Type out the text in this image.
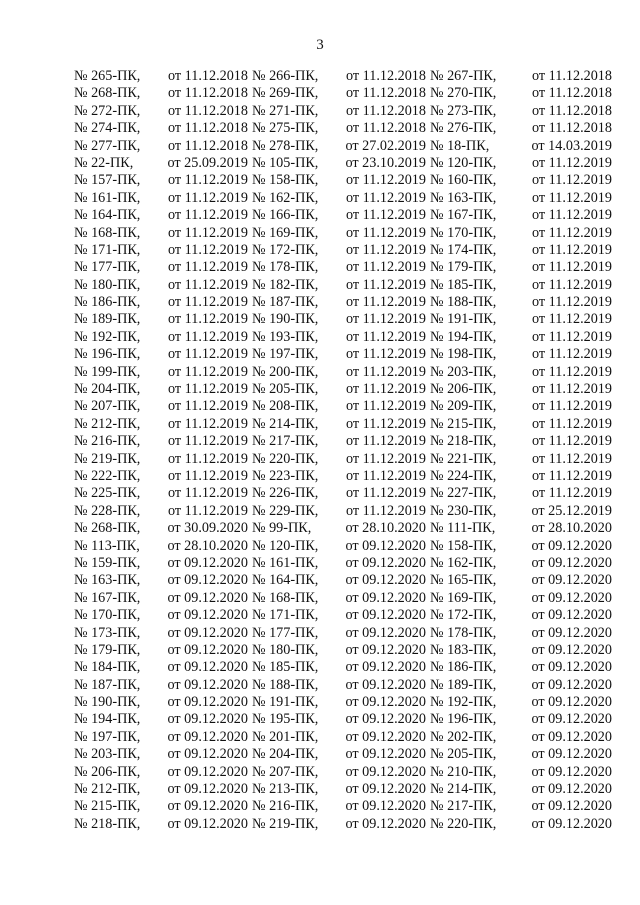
3
№ 265-ПК, от 11.12.2018 № 266-ПК, от 11.12.2018 № 267-ПК,	от 11.12.2018
№ 268-ПК, от 11.12.2018 № 269-ПК, от 11.12.2018 № 270-ПК,	от 11.12.2018
№ 272-ПК, от 11.12.2018 № 271-ПК, от 11.12.2018 № 273-ПК,	от 11.12.2018
№ 274-ПК, от 11.12.2018 № 275-ПК, от 11.12.2018 № 276-ПК,	от 11.12.2018
№ 277-ПК, от 11.12.2018 № 278-ПК, от 27.02.2019 № 18-ПК,	от 14.03.2019
№ 22-ПК, от 25.09.2019 № 105-ПК, от 23.10.2019 № 120-ПК,	от 11.12.2019
№ 157-ПК, от 11.12.2019 № 158-ПК, от 11.12.2019 № 160-ПК,	от 11.12.2019
№ 161-ПК, от 11.12.2019 № 162-ПК, от 11.12.2019 № 163-ПК,	от 11.12.2019
№ 164-ПК, от 11.12.2019 № 166-ПК, от 11.12.2019 № 167-ПК,	от 11.12.2019
№ 168-ПК, от 11.12.2019 № 169-ПК, от 11.12.2019 № 170-ПК,	от 11.12.2019
№ 171-ПК, от 11.12.2019 № 172-ПК, от 11.12.2019 № 174-ПК,	от 11.12.2019
№ 177-ПК, от 11.12.2019 № 178-ПК, от 11.12.2019 № 179-ПК,	от 11.12.2019
№ 180-ПК, от 11.12.2019 № 182-ПК, от 11.12.2019 № 185-ПК,	от 11.12.2019
№ 186-ПК, от 11.12.2019 № 187-ПК, от 11.12.2019 № 188-ПК,	от 11.12.2019
№ 189-ПК, от 11.12.2019 № 190-ПК, от 11.12.2019 № 191-ПК,	от 11.12.2019
№ 192-ПК, от 11.12.2019 № 193-ПК, от 11.12.2019 № 194-ПК,	от 11.12.2019
№ 196-ПК, от 11.12.2019 № 197-ПК, от 11.12.2019 № 198-ПК,	от 11.12.2019
№ 199-ПК, от 11.12.2019 № 200-ПК, от 11.12.2019 № 203-ПК,	от 11.12.2019
№ 204-ПК, от 11.12.2019 № 205-ПК, от 11.12.2019 № 206-ПК,	от 11.12.2019
№ 207-ПК, от 11.12.2019 № 208-ПК, от 11.12.2019 № 209-ПК,	от 11.12.2019
№ 212-ПК, от 11.12.2019 № 214-ПК, от 11.12.2019 № 215-ПК,	от 11.12.2019
№ 216-ПК, от 11.12.2019 № 217-ПК, от 11.12.2019 № 218-ПК,	от 11.12.2019
№ 219-ПК, от 11.12.2019 № 220-ПК, от 11.12.2019 № 221-ПК,	от 11.12.2019
№ 222-ПК, от 11.12.2019 № 223-ПК, от 11.12.2019 № 224-ПК,	от 11.12.2019
№ 225-ПК, от 11.12.2019 № 226-ПК, от 11.12.2019 № 227-ПК,	от 11.12.2019
№ 228-ПК, от 11.12.2019 № 229-ПК, от 11.12.2019 № 230-ПК, от 25.12.2019
№ 268-ПК, от 30.09.2020 № 99-ПК, от 28.10.2020 № 111-ПК,	от 28.10.2020
№ 113-ПК, от 28.10.2020 № 120-ПК, от 09.12.2020 № 158-ПК, от 09.12.2020
№ 159-ПК, от 09.12.2020 № 161-ПК, от 09.12.2020 № 162-ПК, от 09.12.2020
№ 163-ПК, от 09.12.2020 № 164-ПК, от 09.12.2020 № 165-ПК, от 09.12.2020
№ 167-ПК, от 09.12.2020 № 168-ПК, от 09.12.2020 № 169-ПК, от 09.12.2020
№ 170-ПК, от 09.12.2020 № 171-ПК, от 09.12.2020 № 172-ПК, от 09.12.2020
№ 173-ПК, от 09.12.2020 № 177-ПК, от 09.12.2020 № 178-ПК, от 09.12.2020
№ 179-ПК, от 09.12.2020 № 180-ПК, от 09.12.2020 № 183-ПК, от 09.12.2020
№ 184-ПК, от 09.12.2020 № 185-ПК, от 09.12.2020 № 186-ПК, от 09.12.2020
№ 187-ПК, от 09.12.2020 № 188-ПК, от 09.12.2020 № 189-ПК, от 09.12.2020
№ 190-ПК, от 09.12.2020 № 191-ПК, от 09.12.2020 № 192-ПК, от 09.12.2020
№ 194-ПК, от 09.12.2020 № 195-ПК, от 09.12.2020 № 196-ПК, от 09.12.2020
№ 197-ПК, от 09.12.2020 № 201-ПК, от 09.12.2020 № 202-ПК, от 09.12.2020
№ 203-ПК, от 09.12.2020 № 204-ПК, от 09.12.2020 № 205-ПК, от 09.12.2020
№ 206-ПК, от 09.12.2020 № 207-ПК, от 09.12.2020 № 210-ПК, от 09.12.2020
№ 212-ПК, от 09.12.2020 № 213-ПК, от 09.12.2020 № 214-ПК, от 09.12.2020
№ 215-ПК, от 09.12.2020 № 216-ПК, от 09.12.2020 № 217-ПК, от 09.12.2020
№ 218-ПК, от 09.12.2020 № 219-ПК, от 09.12.2020 № 220-ПК, от 09.12.2020
